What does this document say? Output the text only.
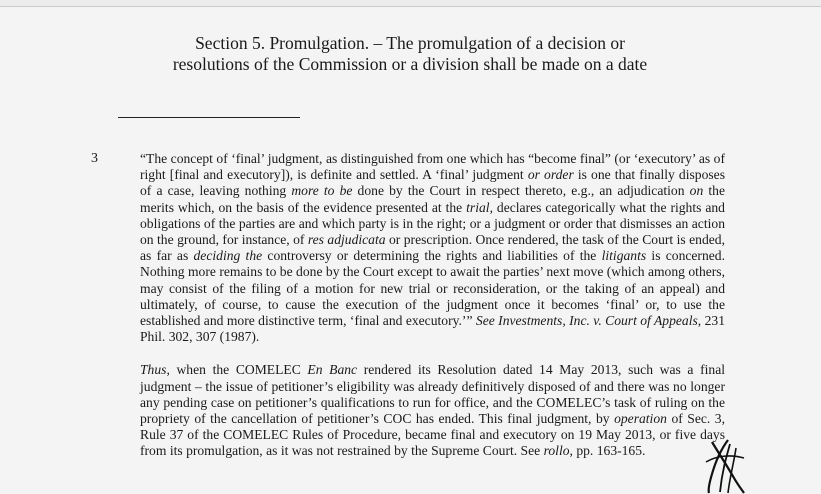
Section 5. Promulgation. – The promulgation of a decision or
resolutions of the Commission or a division shall be made on a date
3	“The concept of ‘final’ judgment, as distinguished from one which has “become final” (or ‘executory’ as of right [final and executory]), is definite and settled. A ‘final’ judgment or order is one that finally disposes of a case, leaving nothing more to be done by the Court in respect thereto, e.g., an adjudication on the merits which, on the basis of the evidence presented at the trial, declares categorically what the rights and obligations of the parties are and which party is in the right; or a judgment or order that dismisses an action on the ground, for instance, of res adjudicata or prescription. Once rendered, the task of the Court is ended, as far as deciding the controversy or determining the rights and liabilities of the litigants is concerned. Nothing more remains to be done by the Court except to await the parties’ next move (which among others, may consist of the filing of a motion for new trial or reconsideration, or the taking of an appeal) and ultimately, of course, to cause the execution of the judgment once it becomes ‘final’ or, to use the established and more distinctive term, ‘final and executory.’” See Investments, Inc. v. Court of Appeals, 231 Phil. 302, 307 (1987).

Thus, when the COMELEC En Banc rendered its Resolution dated 14 May 2013, such was a final judgment – the issue of petitioner’s eligibility was already definitively disposed of and there was no longer any pending case on petitioner’s qualifications to run for office, and the COMELEC’s task of ruling on the propriety of the cancellation of petitioner’s COC has ended. This final judgment, by operation of Sec. 3, Rule 37 of the COMELEC Rules of Procedure, became final and executory on 19 May 2013, or five days from its promulgation, as it was not restrained by the Supreme Court. See rollo, pp. 163-165.
